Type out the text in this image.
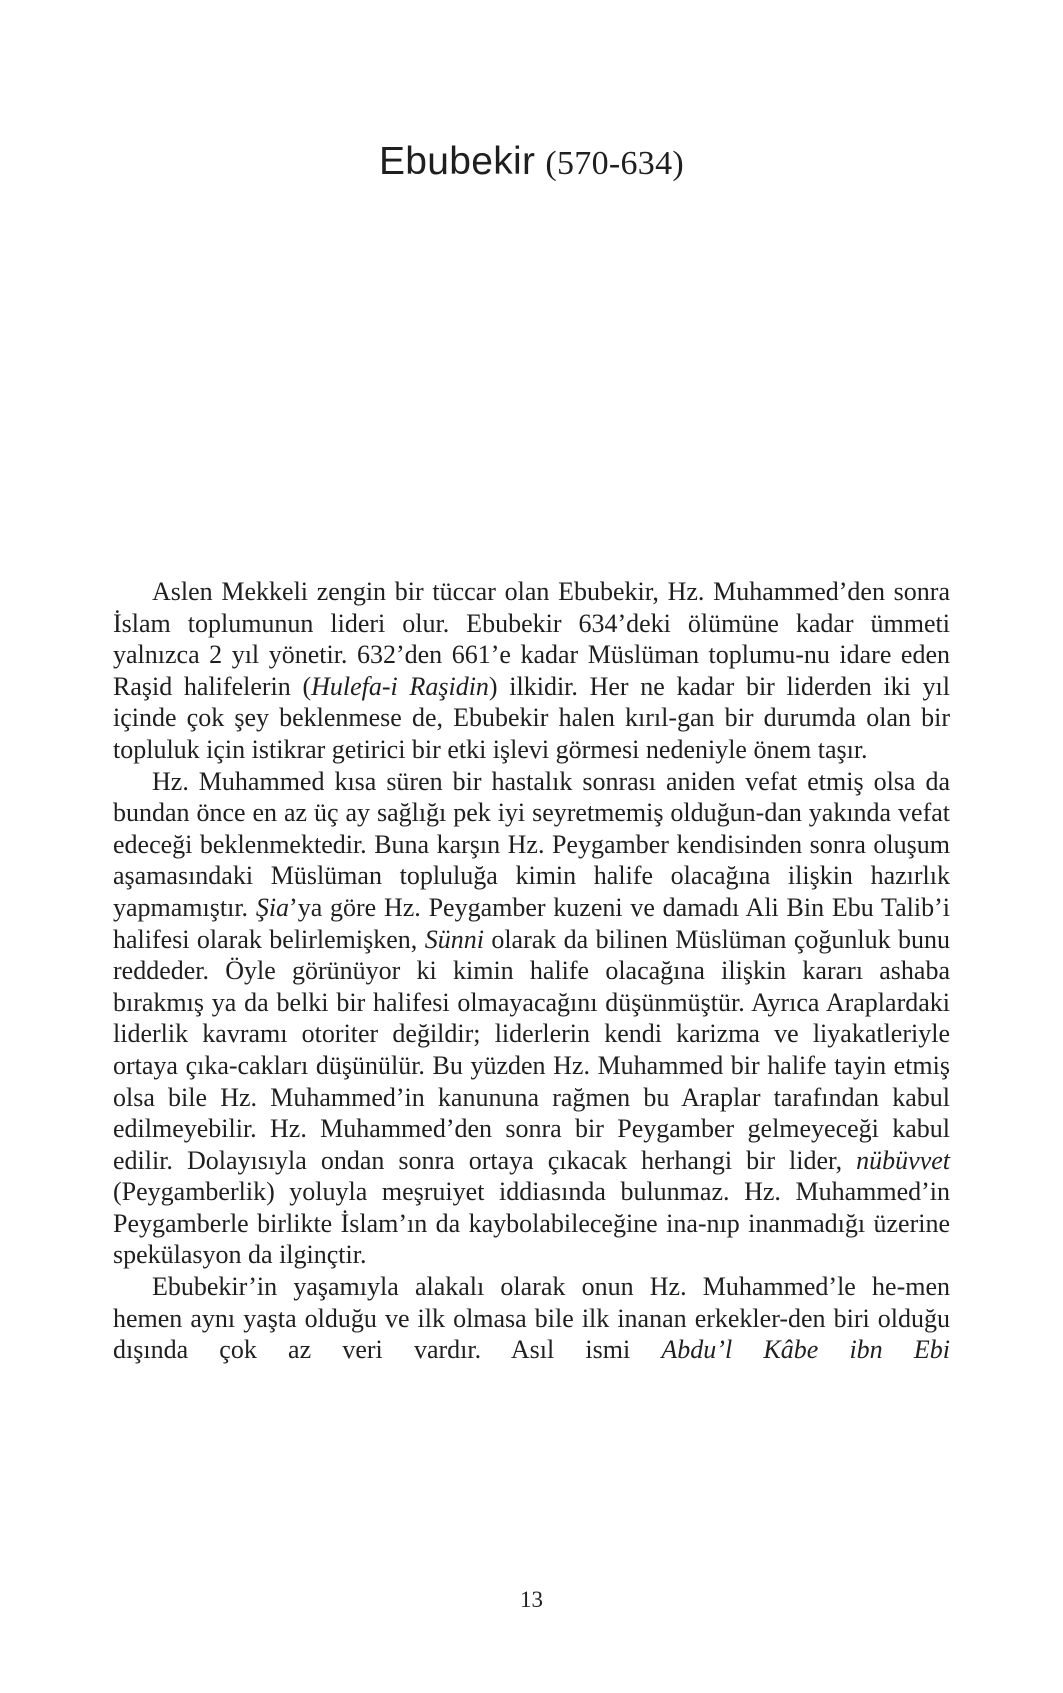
Ebubekir (570-634)

Aslen Mekkeli zengin bir tüccar olan Ebubekir, Hz. Muhammed’den sonra İslam toplumunun lideri olur. Ebubekir 634’deki ölümüne kadar ümmeti yalnızca 2 yıl yönetir. 632’den 661’e kadar Müslüman toplumu-nu idare eden Raşid halifelerin (Hulefa-i Raşidin) ilkidir. Her ne kadar bir liderden iki yıl içinde çok şey beklenmese de, Ebubekir halen kırıl-gan bir durumda olan bir topluluk için istikrar getirici bir etki işlevi görmesi nedeniyle önem taşır.

Hz. Muhammed kısa süren bir hastalık sonrası aniden vefat etmiş olsa da bundan önce en az üç ay sağlığı pek iyi seyretmemiş olduğun-dan yakında vefat edeceği beklenmektedir. Buna karşın Hz. Peygamber kendisinden sonra oluşum aşamasındaki Müslüman topluluğa kimin halife olacağına ilişkin hazırlık yapmamıştır. Şia’ya göre Hz. Peygamber kuzeni ve damadı Ali Bin Ebu Talib’i halifesi olarak belirlemişken, Sünni olarak da bilinen Müslüman çoğunluk bunu reddeder. Öyle görünüyor ki kimin halife olacağına ilişkin kararı ashaba bırakmış ya da belki bir halifesi olmayacağını düşünmüştür. Ayrıca Araplardaki liderlik kavramı otoriter değildir; liderlerin kendi karizma ve liyakatleriyle ortaya çıka-cakları düşünülür. Bu yüzden Hz. Muhammed bir halife tayin etmiş olsa bile Hz. Muhammed’in kanununa rağmen bu Araplar tarafından kabul edilmeyebilir. Hz. Muhammed’den sonra bir Peygamber gelmeyeceği kabul edilir. Dolayısıyla ondan sonra ortaya çıkacak herhangi bir lider, nübüvvet (Peygamberlik) yoluyla meşruiyet iddiasında bulunmaz. Hz. Muhammed’in Peygamberle birlikte İslam’ın da kaybolabileceğine ina-nıp inanmadığı üzerine spekülasyon da ilginçtir.

Ebubekir’in yaşamıyla alakalı olarak onun Hz. Muhammed’le he-men hemen aynı yaşta olduğu ve ilk olmasa bile ilk inanan erkekler-den biri olduğu dışında çok az veri vardır. Asıl ismi Abdu’l Kâbe ibn Ebi

13
